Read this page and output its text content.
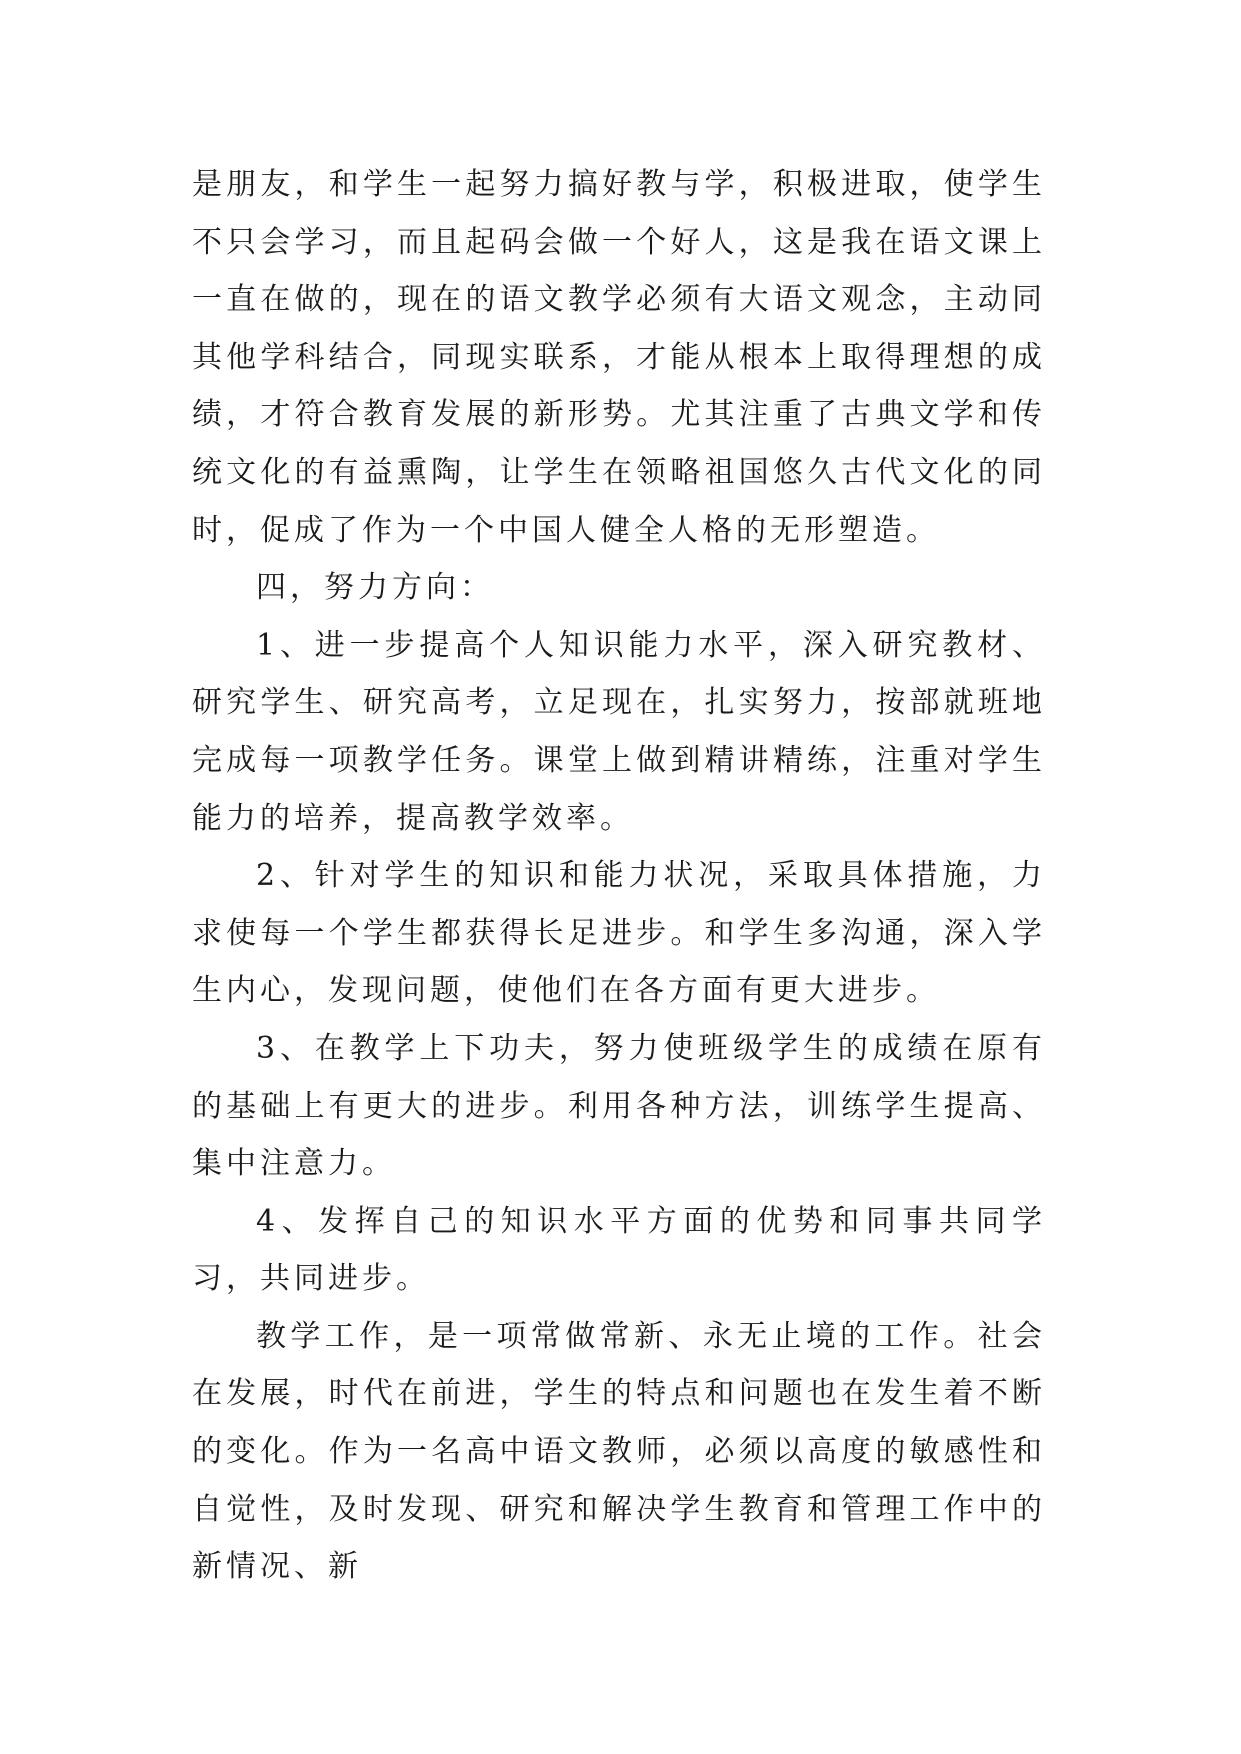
是朋友，和学生一起努力搞好教与学，积极进取，使学生不只会学习，而且起码会做一个好人，这是我在语文课上一直在做的，现在的语文教学必须有大语文观念，主动同其他学科结合，同现实联系，才能从根本上取得理想的成绩，才符合教育发展的新形势。尤其注重了古典文学和传统文化的有益熏陶，让学生在领略祖国悠久古代文化的同时，促成了作为一个中国人健全人格的无形塑造。

四，努力方向：

1、进一步提高个人知识能力水平，深入研究教材、研究学生、研究高考，立足现在，扎实努力，按部就班地完成每一项教学任务。课堂上做到精讲精练，注重对学生能力的培养，提高教学效率。

2、针对学生的知识和能力状况，采取具体措施，力求使每一个学生都获得长足进步。和学生多沟通，深入学生内心，发现问题，使他们在各方面有更大进步。

3、在教学上下功夫，努力使班级学生的成绩在原有的基础上有更大的进步。利用各种方法，训练学生提高、集中注意力。

4、发挥自己的知识水平方面的优势和同事共同学习，共同进步。

教学工作，是一项常做常新、永无止境的工作。社会在发展，时代在前进，学生的特点和问题也在发生着不断的变化。作为一名高中语文教师，必须以高度的敏感性和自觉性，及时发现、研究和解决学生教育和管理工作中的新情况、新
